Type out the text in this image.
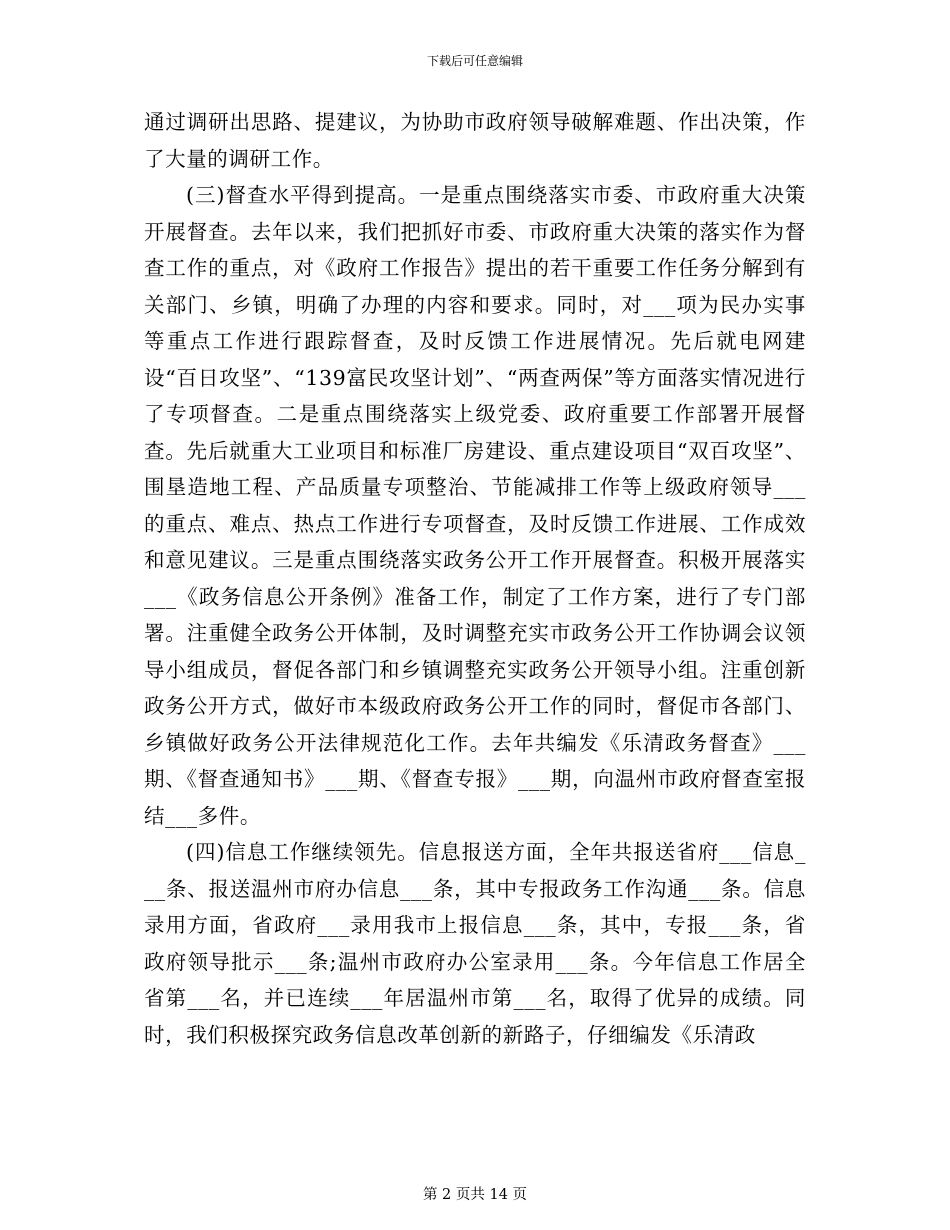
下载后可任意编辑

通过调研出思路、提建议，为协助市政府领导破解难题、作出决策，作了大量的调研工作。

(三)督查水平得到提高。一是重点围绕落实市委、市政府重大决策开展督查。去年以来，我们把抓好市委、市政府重大决策的落实作为督查工作的重点，对《政府工作报告》提出的若干重要工作任务分解到有关部门、乡镇，明确了办理的内容和要求。同时，对___项为民办实事等重点工作进行跟踪督查，及时反馈工作进展情况。先后就电网建设“百日攻坚”、“139富民攻坚计划”、“两查两保”等方面落实情况进行了专项督查。二是重点围绕落实上级党委、政府重要工作部署开展督查。先后就重大工业项目和标准厂房建设、重点建设项目“双百攻坚”、围垦造地工程、产品质量专项整治、节能减排工作等上级政府领导___的重点、难点、热点工作进行专项督查，及时反馈工作进展、工作成效和意见建议。三是重点围绕落实政务公开工作开展督查。积极开展落实___《政务信息公开条例》准备工作，制定了工作方案，进行了专门部署。注重健全政务公开体制，及时调整充实市政务公开工作协调会议领导小组成员，督促各部门和乡镇调整充实政务公开领导小组。注重创新政务公开方式，做好市本级政府政务公开工作的同时，督促市各部门、乡镇做好政务公开法律规范化工作。去年共编发《乐清政务督查》___期、《督查通知书》___期、《督查专报》___期，向温州市政府督查室报结___多件。

(四)信息工作继续领先。信息报送方面，全年共报送省府___信息___条、报送温州市府办信息___条，其中专报政务工作沟通___条。信息录用方面，省政府___录用我市上报信息___条，其中，专报___条，省政府领导批示___条;温州市政府办公室录用___条。今年信息工作居全省第___名，并已连续___年居温州市第___名，取得了优异的成绩。同时，我们积极探究政务信息改革创新的新路子，仔细编发《乐清政

第 2 页共 14 页
